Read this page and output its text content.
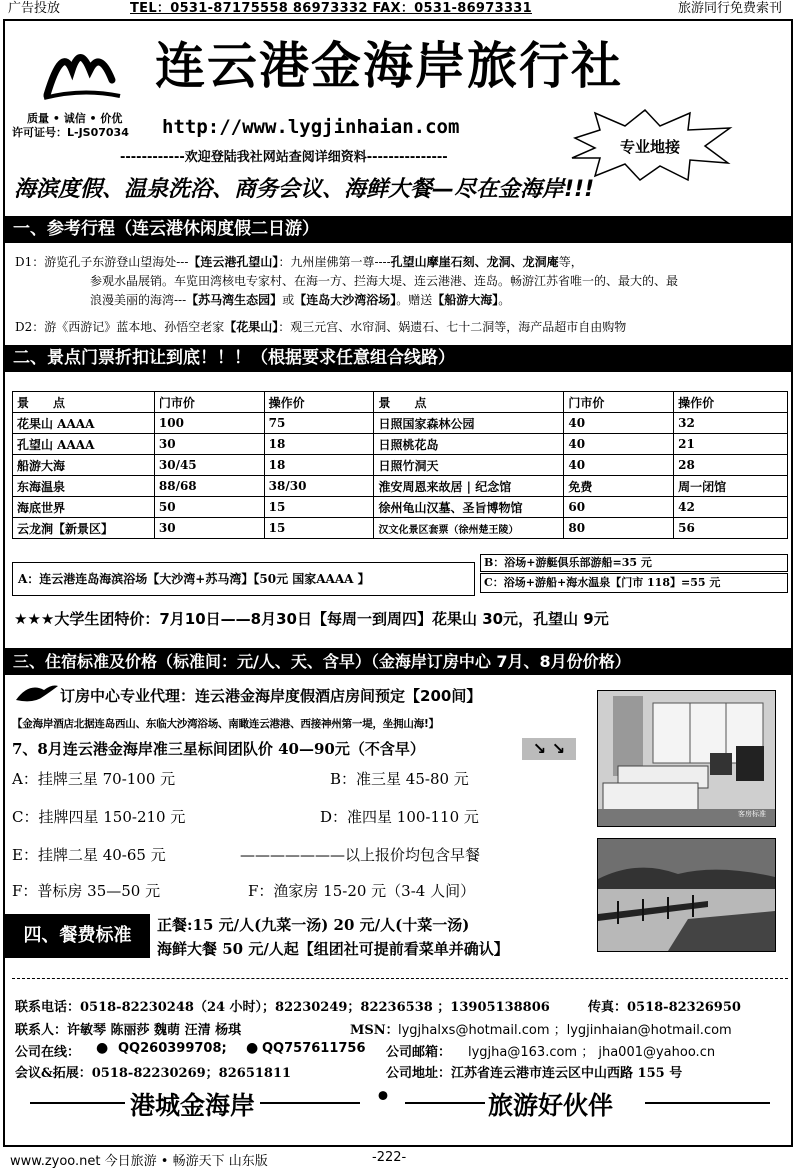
广告投放	TEL：0531-87175558 86973332 FAX：0531-86973331	旅游同行免费索刊
连云港金海岸旅行社
质量 • 诚信 • 价优
许可证号：L-JS07034 http://www.lygjinhaian.com
------------欢迎登陆我社网站查阅详细资料---------------
专业地接
海滨度假、温泉洗浴、商务会议、海鲜大餐—尽在金海岸!!!
一、参考行程（连云港休闲度假二日游）
D1：游览孔子东游登山望海处---【连云港孔望山】：九州崖佛第一尊----孔望山摩崖石刻、龙洞、龙洞庵等，
参观水晶展销。车览田湾核电专家村、在海一方、拦海大堤、连云港港、连岛。畅游江苏省唯一的、最大的、最
浪漫美丽的海湾---【苏马湾生态园】或【连岛大沙湾浴场】。赠送【船游大海】。
D2：游《西游记》蓝本地、孙悟空老家【花果山】：观三元宫、水帘洞、娲遗石、七十二洞等，海产品超市自由购物
二、景点门票折扣让到底！！！（根据要求任意组合线路）
景　　点	门市价	操作价	景　　点	门市价	操作价
花果山 AAAA	100	75	日照国家森林公园	40	32
孔望山 AAAA	30	18	日照桃花岛	40	21
船游大海	30/45	18	日照竹洞天	40	28
东海温泉	88/68	38/30	淮安周恩来故居 | 纪念馆	免费	周一闭馆
海底世界	50	15	徐州龟山汉墓、圣旨博物馆	60	42
云龙涧【新景区】	30	15	汉文化景区套票（徐州楚王陵）	80	56
A：连云港连岛海滨浴场【大沙湾+苏马湾】【50元 国家AAAA 】
B：浴场+游艇俱乐部游船=35 元
C：浴场+游船+海水温泉【门市 118】=55 元
★★★大学生团特价：7月10日——8月30日【每周一到周四】花果山 30元，孔望山 9元
三、住宿标准及价格（标准间：元/人、天、含早）（金海岸订房中心 7月、8月份价格）
订房中心专业代理：连云港金海岸度假酒店房间预定【200间】
【金海岸酒店北据连岛西山、东临大沙湾浴场、南瞰连云港港、西接神州第一堤，坐拥山海!】
7、8月连云港金海岸准三星标间团队价 40—90元（不含早）	↘ ↘
A：挂牌三星 70-100 元	B：准三星 45-80 元
C：挂牌四星 150-210 元	D：准四星 100-110 元
E：挂牌二星 40-65 元	———————以上报价均包含早餐
F：普标房 35—50 元	F：渔家房 15-20 元（3-4 人间）
客房标准
四、餐费标准	正餐:15 元/人(九菜一汤) 20 元/人(十菜一汤)
海鲜大餐 50 元/人起【组团社可提前看菜单并确认】
联系电话：0518-82230248（24 小时）；82230249；82236538 ；13905138806	传真：0518-82326950
联系人：许敏琴 陈丽莎 魏萌 汪清 杨琪	MSN： lygjhalxs@hotmail.com ；lygjinhaian@hotmail.com
公司在线： ● QQ260399708; ● QQ757611756 公司邮箱： lygjha@163.com ； jha001@yahoo.cn
会议&拓展：0518-82230269；82651811	公司地址：江苏省连云港市连云区中山西路 155 号
港城金海岸	•	旅游好伙伴
www.zyoo.net 今日旅游 • 畅游天下 山东版	-222-
